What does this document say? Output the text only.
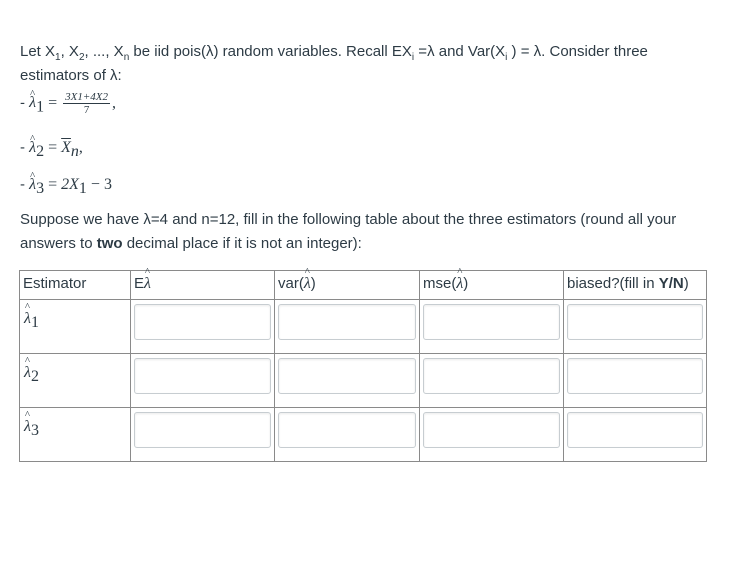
Let $X_1$, $X_2$, ..., $X_n$ be iid pois(λ) random variables. Recall $EX_i =\lambda$ and $Var(X_i$ ) = λ. Consider three

estimators of λ:

- ^ $\lambda_1 = \frac{3X1+4X2}{7}$ ,

- ^ $\lambda_2 = \overline{X}_n$,

- ^ $\lambda_3 = 2X_1 - 3$

Suppose we have λ=4 and n=12, fill in the following table about the three estimators (round all your

answers to two decimal place if it is not an integer):

Estimator	E^ λ	var(^ λ)	mse(^ λ)	biased?(fill in Y/N)

^ $\lambda_1$

^ $\lambda_2$

^ $\lambda_3$
